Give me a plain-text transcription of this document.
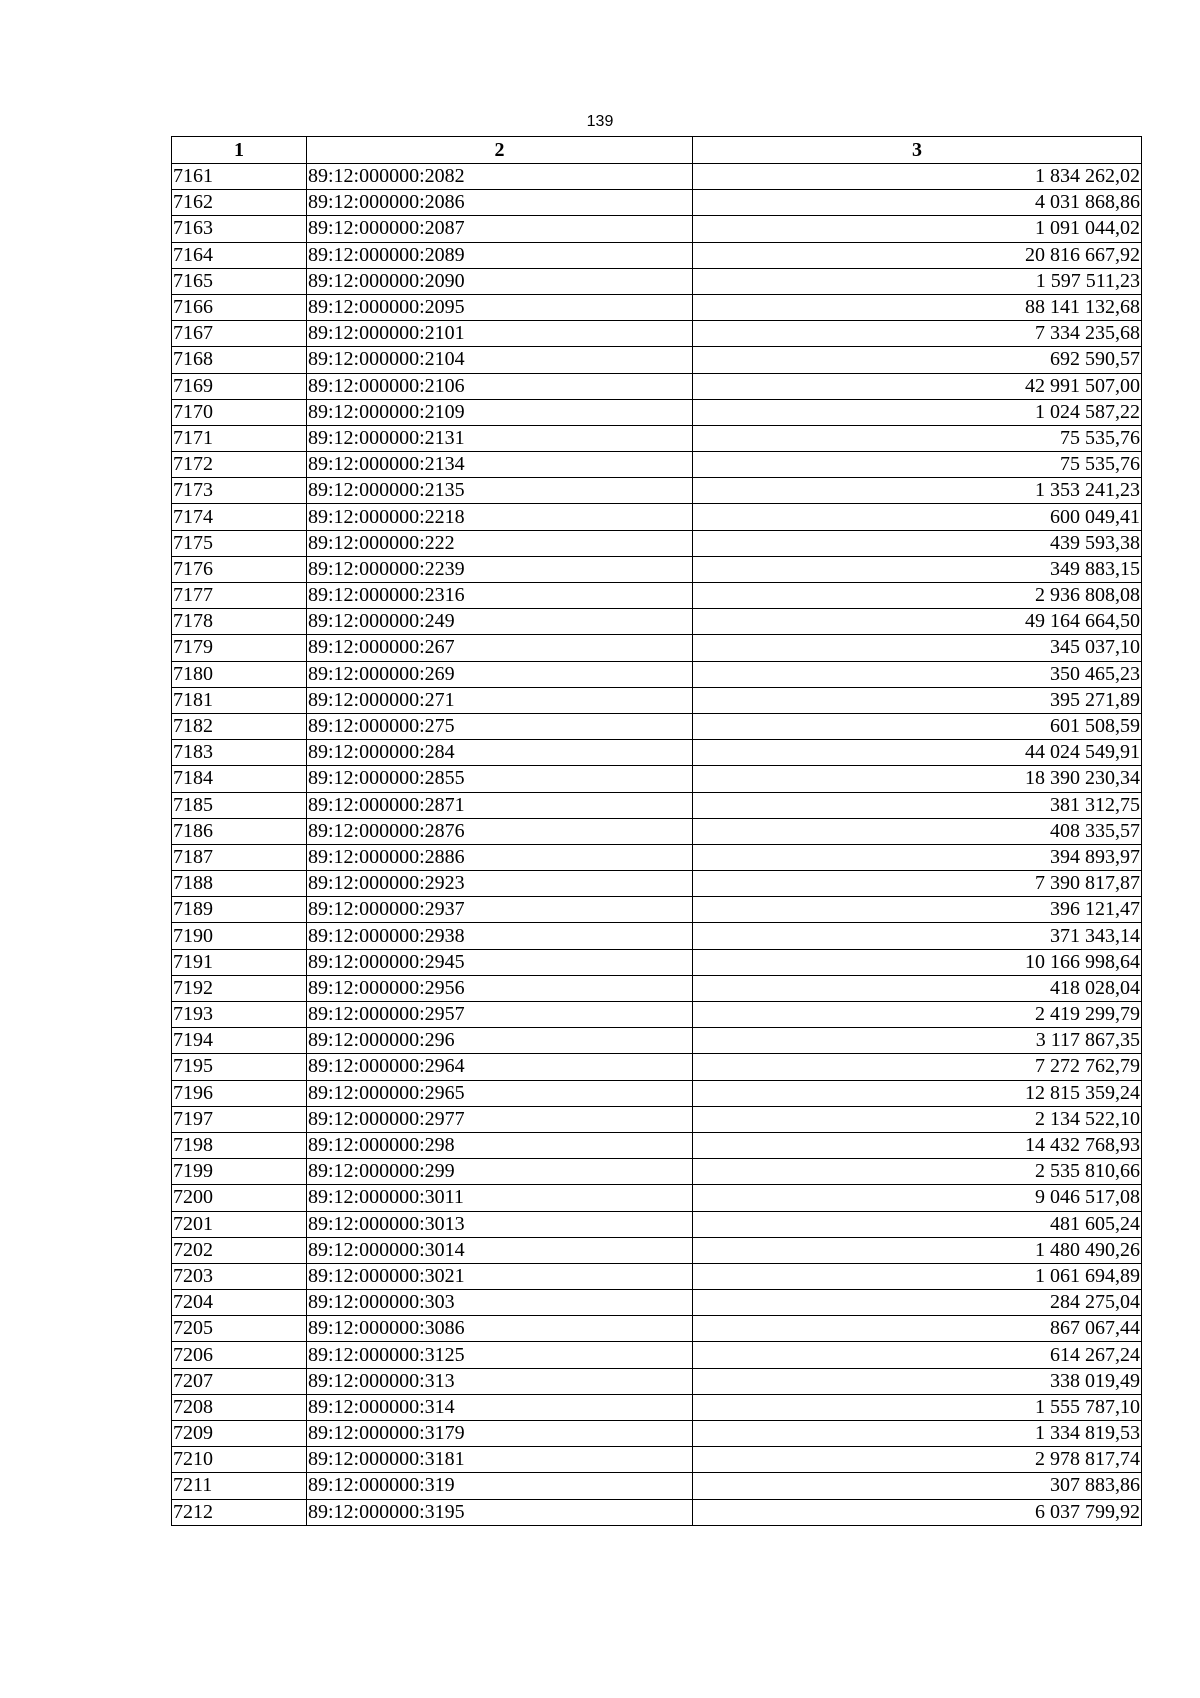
139
1	2	3
7161	89:12:000000:2082	1 834 262,02
7162	89:12:000000:2086	4 031 868,86
7163	89:12:000000:2087	1 091 044,02
7164	89:12:000000:2089	20 816 667,92
7165	89:12:000000:2090	1 597 511,23
7166	89:12:000000:2095	88 141 132,68
7167	89:12:000000:2101	7 334 235,68
7168	89:12:000000:2104	692 590,57
7169	89:12:000000:2106	42 991 507,00
7170	89:12:000000:2109	1 024 587,22
7171	89:12:000000:2131	75 535,76
7172	89:12:000000:2134	75 535,76
7173	89:12:000000:2135	1 353 241,23
7174	89:12:000000:2218	600 049,41
7175	89:12:000000:222	439 593,38
7176	89:12:000000:2239	349 883,15
7177	89:12:000000:2316	2 936 808,08
7178	89:12:000000:249	49 164 664,50
7179	89:12:000000:267	345 037,10
7180	89:12:000000:269	350 465,23
7181	89:12:000000:271	395 271,89
7182	89:12:000000:275	601 508,59
7183	89:12:000000:284	44 024 549,91
7184	89:12:000000:2855	18 390 230,34
7185	89:12:000000:2871	381 312,75
7186	89:12:000000:2876	408 335,57
7187	89:12:000000:2886	394 893,97
7188	89:12:000000:2923	7 390 817,87
7189	89:12:000000:2937	396 121,47
7190	89:12:000000:2938	371 343,14
7191	89:12:000000:2945	10 166 998,64
7192	89:12:000000:2956	418 028,04
7193	89:12:000000:2957	2 419 299,79
7194	89:12:000000:296	3 117 867,35
7195	89:12:000000:2964	7 272 762,79
7196	89:12:000000:2965	12 815 359,24
7197	89:12:000000:2977	2 134 522,10
7198	89:12:000000:298	14 432 768,93
7199	89:12:000000:299	2 535 810,66
7200	89:12:000000:3011	9 046 517,08
7201	89:12:000000:3013	481 605,24
7202	89:12:000000:3014	1 480 490,26
7203	89:12:000000:3021	1 061 694,89
7204	89:12:000000:303	284 275,04
7205	89:12:000000:3086	867 067,44
7206	89:12:000000:3125	614 267,24
7207	89:12:000000:313	338 019,49
7208	89:12:000000:314	1 555 787,10
7209	89:12:000000:3179	1 334 819,53
7210	89:12:000000:3181	2 978 817,74
7211	89:12:000000:319	307 883,86
7212	89:12:000000:3195	6 037 799,92
